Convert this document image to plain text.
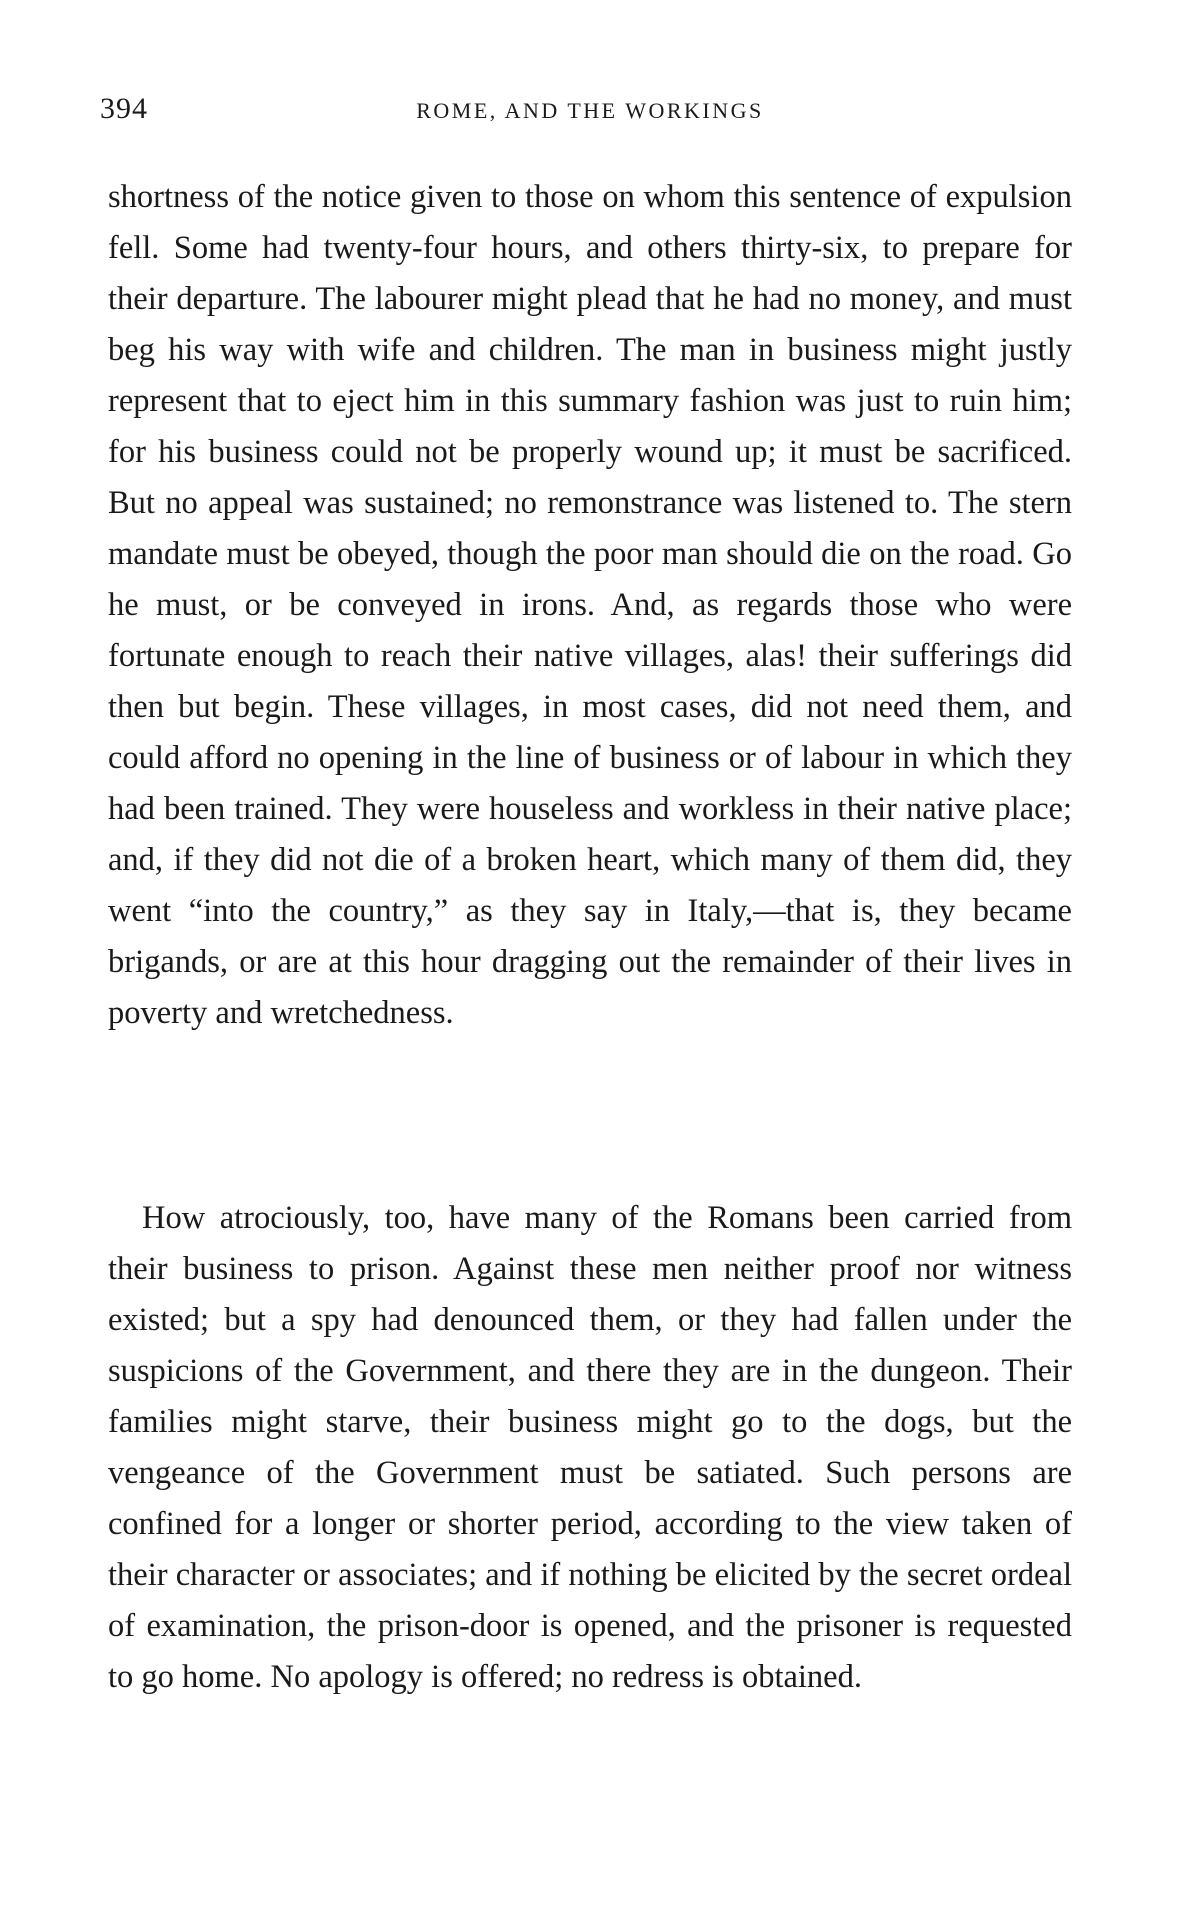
394	ROME, AND THE WORKINGS

shortness of the notice given to those on whom this sentence of expulsion fell. Some had twenty-four hours, and others thirty-six, to prepare for their departure. The labourer might plead that he had no money, and must beg his way with wife and children. The man in business might justly represent that to eject him in this summary fashion was just to ruin him; for his business could not be properly wound up; it must be sacrificed. But no appeal was sustained; no remonstrance was listened to. The stern mandate must be obeyed, though the poor man should die on the road. Go he must, or be conveyed in irons. And, as regards those who were fortunate enough to reach their native villages, alas! their sufferings did then but begin. These villages, in most cases, did not need them, and could afford no opening in the line of business or of labour in which they had been trained. They were houseless and workless in their native place; and, if they did not die of a broken heart, which many of them did, they went “into the country,” as they say in Italy,—that is, they became brigands, or are at this hour dragging out the remainder of their lives in poverty and wretchedness.

How atrociously, too, have many of the Romans been carried from their business to prison. Against these men neither proof nor witness existed; but a spy had denounced them, or they had fallen under the suspicions of the Government, and there they are in the dungeon. Their families might starve, their business might go to the dogs, but the vengeance of the Government must be satiated. Such persons are confined for a longer or shorter period, according to the view taken of their character or associates; and if nothing be elicited by the secret ordeal of examination, the prison-door is opened, and the prisoner is requested to go home. No apology is offered; no redress is obtained.
